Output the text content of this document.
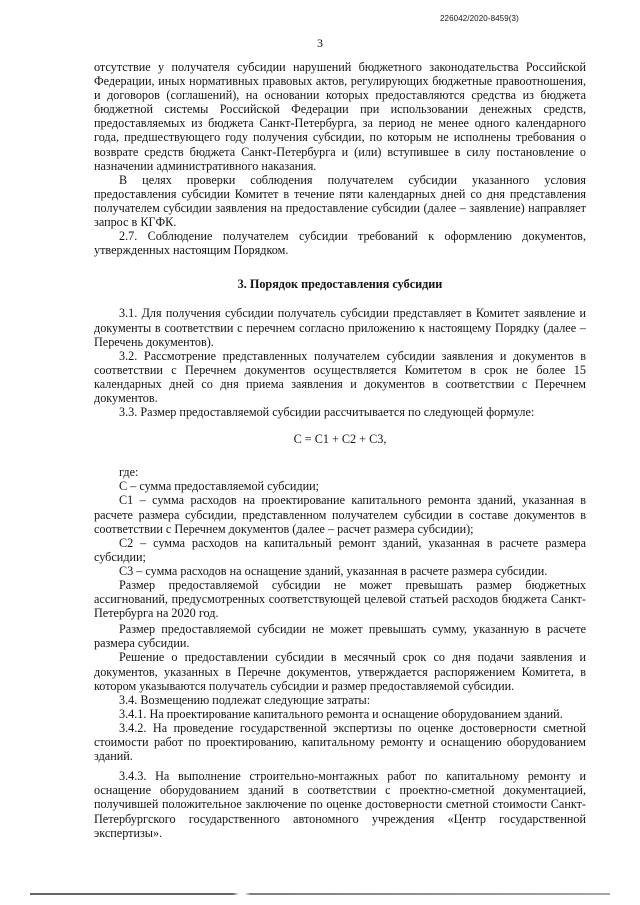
226042/2020-8459(3)
3

отсутствие у получателя субсидии нарушений бюджетного законодательства Российской Федерации, иных нормативных правовых актов, регулирующих бюджетные правоотношения, и договоров (соглашений), на основании которых предоставляются средства из бюджета бюджетной системы Российской Федерации при использовании денежных средств, предоставляемых из бюджета Санкт-Петербурга, за период не менее одного календарного года, предшествующего году получения субсидии, по которым не исполнены требования о возврате средств бюджета Санкт-Петербурга и (или) вступившее в силу постановление о назначении административного наказания.

В целях проверки соблюдения получателем субсидии указанного условия предоставления субсидии Комитет в течение пяти календарных дней со дня представления получателем субсидии заявления на предоставление субсидии (далее – заявление) направляет запрос в КГФК.

2.7. Соблюдение получателем субсидии требований к оформлению документов, утвержденных настоящим Порядком.

3. Порядок предоставления субсидии

3.1. Для получения субсидии получатель субсидии представляет в Комитет заявление и документы в соответствии с перечнем согласно приложению к настоящему Порядку (далее – Перечень документов).

3.2. Рассмотрение представленных получателем субсидии заявления и документов в соответствии с Перечнем документов осуществляется Комитетом в срок не более 15 календарных дней со дня приема заявления и документов в соответствии с Перечнем документов.

3.3. Размер предоставляемой субсидии рассчитывается по следующей формуле:

С = С1 + С2 + С3,

где:

С – сумма предоставляемой субсидии;

С1 – сумма расходов на проектирование капитального ремонта зданий, указанная в расчете размера субсидии, представленном получателем субсидии в составе документов в соответствии с Перечнем документов (далее – расчет размера субсидии);

С2 – сумма расходов на капитальный ремонт зданий, указанная в расчете размера субсидии;

С3 – сумма расходов на оснащение зданий, указанная в расчете размера субсидии.

Размер предоставляемой субсидии не может превышать размер бюджетных ассигнований, предусмотренных соответствующей целевой статьей расходов бюджета Санкт-Петербурга на 2020 год.

Размер предоставляемой субсидии не может превышать сумму, указанную в расчете размера субсидии.

Решение о предоставлении субсидии в месячный срок со дня подачи заявления и документов, указанных в Перечне документов, утверждается распоряжением Комитета, в котором указываются получатель субсидии и размер предоставляемой субсидии.

3.4. Возмещению подлежат следующие затраты:

3.4.1. На проектирование капитального ремонта и оснащение оборудованием зданий.

3.4.2. На проведение государственной экспертизы по оценке достоверности сметной стоимости работ по проектированию, капитальному ремонту и оснащению оборудованием зданий.

3.4.3. На выполнение строительно-монтажных работ по капитальному ремонту и оснащение оборудованием зданий в соответствии с проектно-сметной документацией, получившей положительное заключение по оценке достоверности сметной стоимости Санкт-Петербургского государственного автономного учреждения «Центр государственной экспертизы».
